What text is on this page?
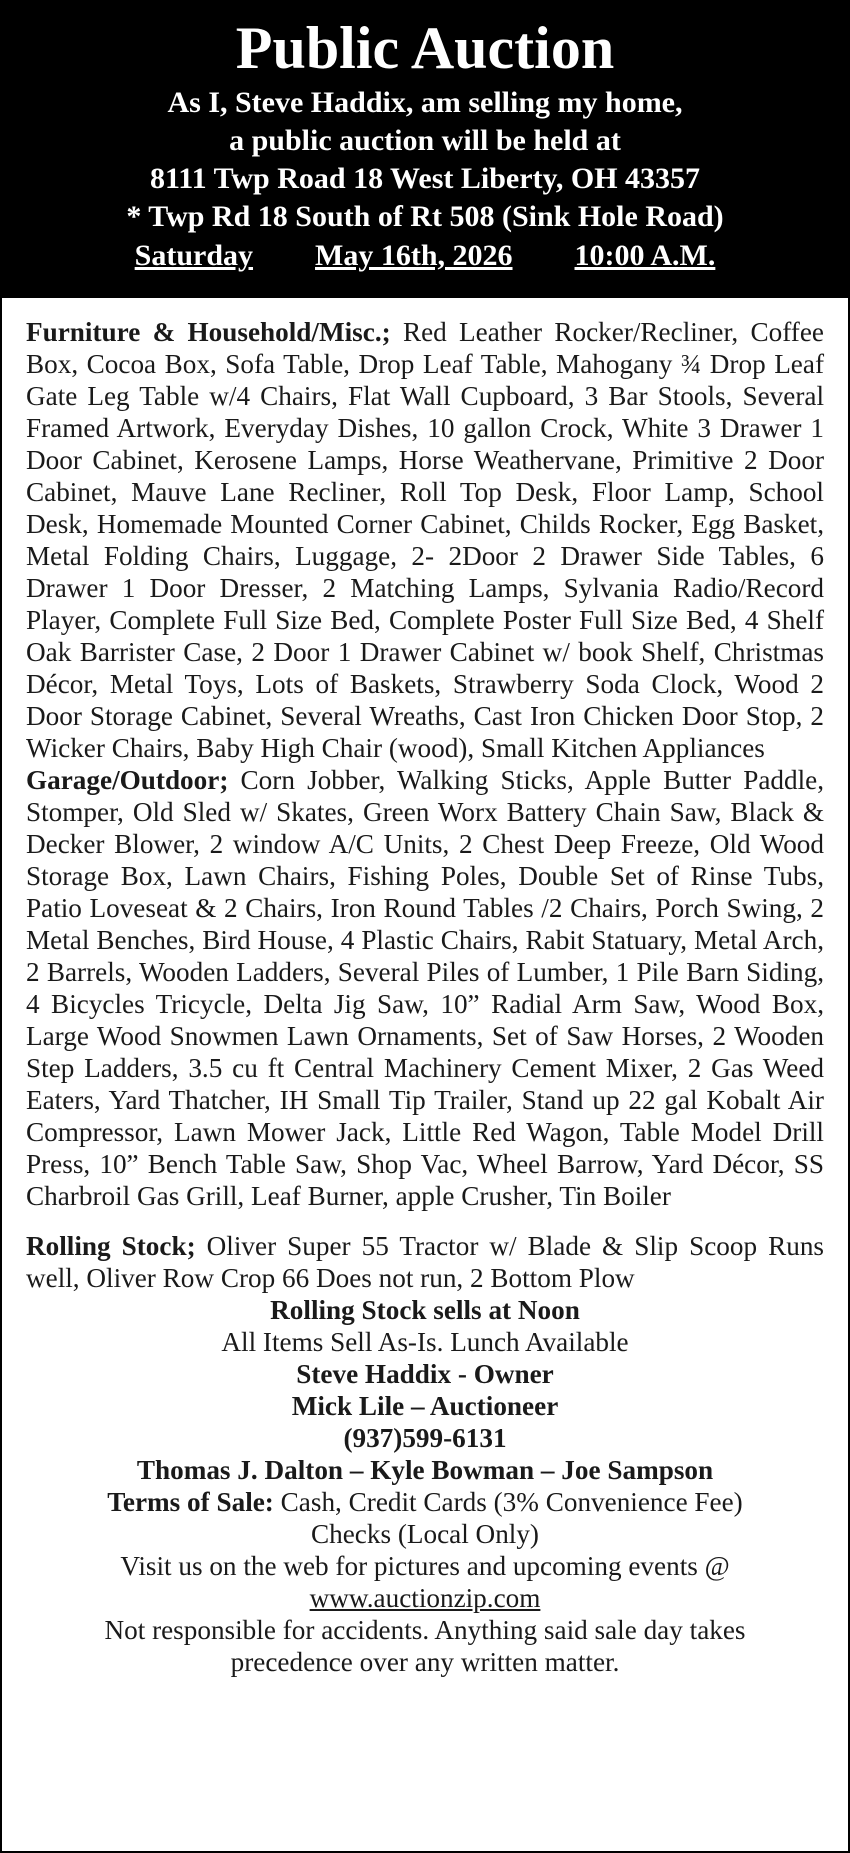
Public Auction
As I, Steve Haddix, am selling my home,
a public auction will be held at
8111 Twp Road 18 West Liberty, OH 43357
* Twp Rd 18 South of Rt 508 (Sink Hole Road)
Saturday May 16th, 2026 10:00 A.M.

Furniture & Household/Misc.; Red Leather Rocker/Recliner, Coffee Box, Cocoa Box, Sofa Table, Drop Leaf Table, Mahogany ¾ Drop Leaf Gate Leg Table w/4 Chairs, Flat Wall Cupboard, 3 Bar Stools, Several Framed Artwork, Everyday Dishes, 10 gallon Crock, White 3 Drawer 1 Door Cabinet, Kerosene Lamps, Horse Weathervane, Primitive 2 Door Cabinet, Mauve Lane Recliner, Roll Top Desk, Floor Lamp, School Desk, Homemade Mounted Corner Cabinet, Childs Rocker, Egg Basket, Metal Folding Chairs, Luggage, 2- 2Door 2 Drawer Side Tables, 6 Drawer 1 Door Dresser, 2 Matching Lamps, Sylvania Radio/Record Player, Complete Full Size Bed, Complete Poster Full Size Bed, 4 Shelf Oak Barrister Case, 2 Door 1 Drawer Cabinet w/ book Shelf, Christmas Décor, Metal Toys, Lots of Baskets, Strawberry Soda Clock, Wood 2 Door Storage Cabinet, Several Wreaths, Cast Iron Chicken Door Stop, 2 Wicker Chairs, Baby High Chair (wood), Small Kitchen Appliances

Garage/Outdoor; Corn Jobber, Walking Sticks, Apple Butter Paddle, Stomper, Old Sled w/ Skates, Green Worx Battery Chain Saw, Black & Decker Blower, 2 window A/C Units, 2 Chest Deep Freeze, Old Wood Storage Box, Lawn Chairs, Fishing Poles, Double Set of Rinse Tubs, Patio Loveseat & 2 Chairs, Iron Round Tables /2 Chairs, Porch Swing, 2 Metal Benches, Bird House, 4 Plastic Chairs, Rabit Statuary, Metal Arch, 2 Barrels, Wooden Ladders, Several Piles of Lumber, 1 Pile Barn Siding, 4 Bicycles Tricycle, Delta Jig Saw, 10” Radial Arm Saw, Wood Box, Large Wood Snowmen Lawn Ornaments, Set of Saw Horses, 2 Wooden Step Ladders, 3.5 cu ft Central Machinery Cement Mixer, 2 Gas Weed Eaters, Yard Thatcher, IH Small Tip Trailer, Stand up 22 gal Kobalt Air Compressor, Lawn Mower Jack, Little Red Wagon, Table Model Drill Press, 10” Bench Table Saw, Shop Vac, Wheel Barrow, Yard Décor, SS Charbroil Gas Grill, Leaf Burner, apple Crusher, Tin Boiler

Rolling Stock; Oliver Super 55 Tractor w/ Blade & Slip Scoop Runs well, Oliver Row Crop 66 Does not run, 2 Bottom Plow

Rolling Stock sells at Noon
All Items Sell As-Is. Lunch Available
Steve Haddix - Owner
Mick Lile – Auctioneer
(937)599-6131
Thomas J. Dalton – Kyle Bowman – Joe Sampson
Terms of Sale: Cash, Credit Cards (3% Convenience Fee)
Checks (Local Only)
Visit us on the web for pictures and upcoming events @
www.auctionzip.com
Not responsible for accidents. Anything said sale day takes
precedence over any written matter.
